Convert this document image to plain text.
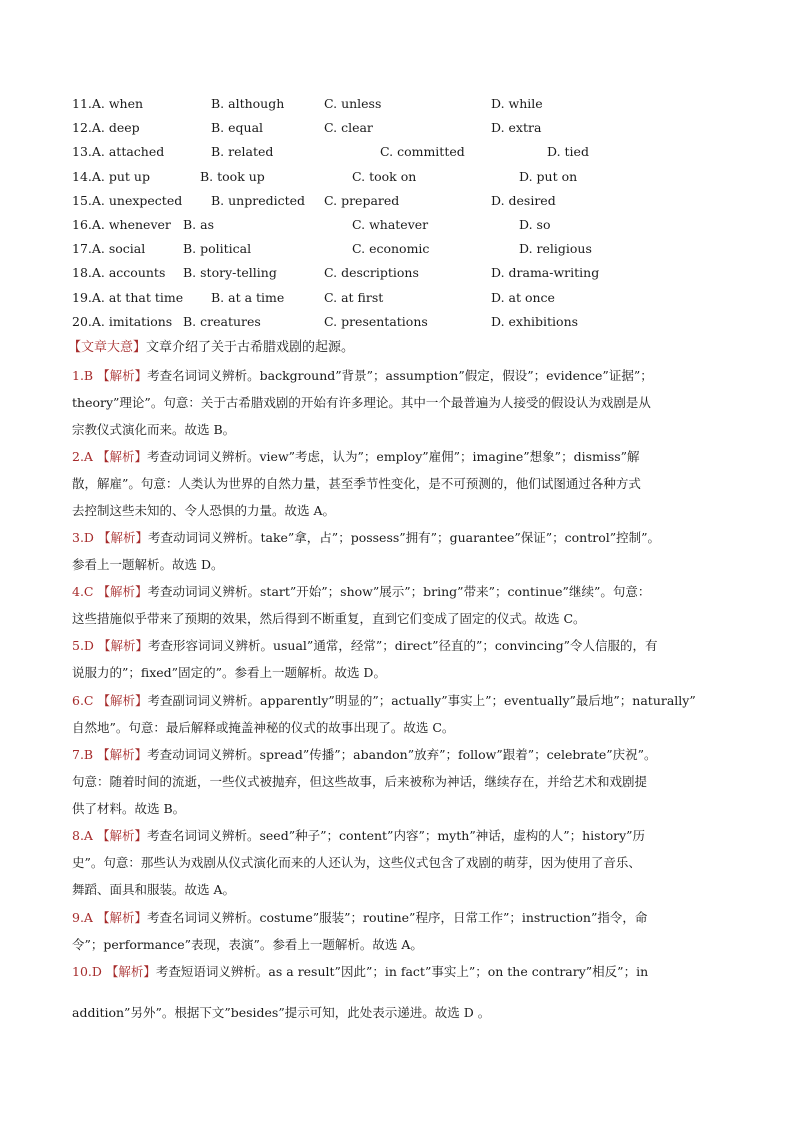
11.A. when	B. although	C. unless	D. while
12.A. deep	B. equal	C. clear	D. extra
13.A. attached	B. related	C. committed	D. tied
14.A. put up	B. took up	C. took on	D. put on
15.A. unexpected B. unpredicted C. prepared	D. desired
16.A. whenever B. as	C. whatever	D. so
17.A. social	B. political	C. economic	D. religious
18.A. accounts B. story-telling	C. descriptions	D. drama-writing
19.A. at that time B. at a time	C. at first	D. at once
20.A. imitations B. creatures	C. presentations	D. exhibitions
【文章大意】文章介绍了关于古希腊戏剧的起源。
1.B 【解析】考查名词词义辨析。background”背景”；assumption”假定，假设”；evidence”证据”；
theory”理论”。句意：关于古希腊戏剧的开始有许多理论。其中一个最普遍为人接受的假设认为戏剧是从
宗教仪式演化而来。故选 B。
2.A 【解析】考查动词词义辨析。view”考虑，认为”；employ”雇佣”；imagine”想象”；dismiss”解
散，解雇”。句意：人类认为世界的自然力量，甚至季节性变化，是不可预测的，他们试图通过各种方式
去控制这些未知的、令人恐惧的力量。故选 A。
3.D 【解析】考查动词词义辨析。take”拿，占”；possess”拥有”；guarantee”保证”；control”控制”。
参看上一题解析。故选 D。
4.C 【解析】考查动词词义辨析。start”开始”；show”展示”；bring”带来”；continue”继续”。句意：
这些措施似乎带来了预期的效果，然后得到不断重复，直到它们变成了固定的仪式。故选 C。
5.D 【解析】考查形容词词义辨析。usual”通常，经常”；direct”径直的”；convincing”令人信服的，有
说服力的”；fixed”固定的”。参看上一题解析。故选 D。
6.C 【解析】考查副词词义辨析。apparently”明显的”；actually”事实上”；eventually”最后地”；naturally”
自然地”。句意：最后解释或掩盖神秘的仪式的故事出现了。故选 C。
7.B 【解析】考查动词词义辨析。spread”传播”；abandon”放弃”；follow”跟着”；celebrate”庆祝”。
句意：随着时间的流逝，一些仪式被抛弃，但这些故事，后来被称为神话，继续存在，并给艺术和戏剧提
供了材料。故选 B。
8.A 【解析】考查名词词义辨析。seed”种子”；content”内容”；myth”神话，虚构的人”；history”历
史”。句意：那些认为戏剧从仪式演化而来的人还认为，这些仪式包含了戏剧的萌芽，因为使用了音乐、
舞蹈、面具和服装。故选 A。
9.A 【解析】考查名词词义辨析。costume”服装”；routine”程序，日常工作”；instruction”指令，命
令”；performance”表现，表演”。参看上一题解析。故选 A。
10.D 【解析】考查短语词义辨析。as a result”因此”；in fact”事实上”；on the contrary”相反”；in
addition”另外”。根据下文”besides”提示可知，此处表示递进。故选 D 。
